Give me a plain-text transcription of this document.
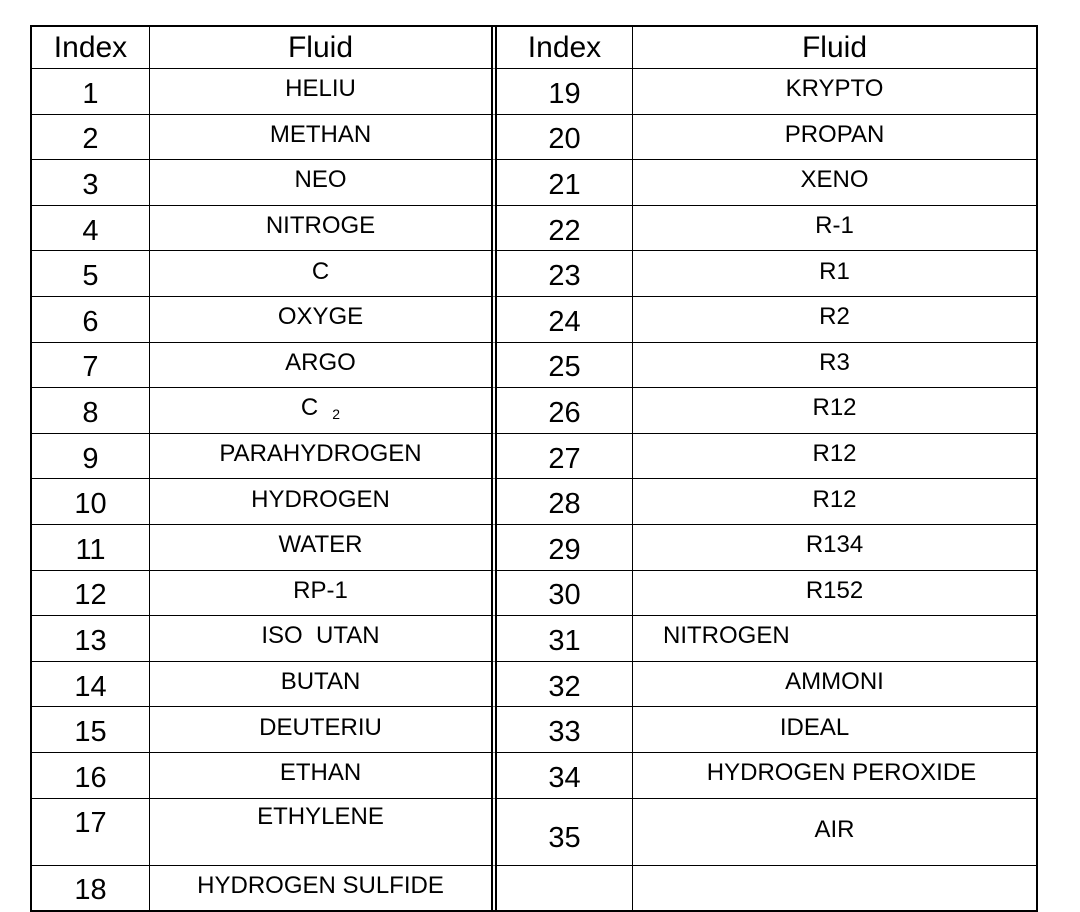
Index	Fluid	Index	Fluid
1	HELIU	19	KRYPTO
2	METHAN	20	PROPAN
3	NEO	21	XENO
4	NITROGE	22	R-1
5	C	23	R1
6	OXYGE	24	R2
7	ARGO	25	R3
8	C $_2$	26	R12
9	PARAHYDROGEN	27	R12
10	HYDROGEN	28	R12
11	WATER	29	R134
12	RP-1	30	R152
13	ISO  UTAN	31	NITROGEN
14	BUTAN	32	AMMONI
15	DEUTERIU	33	IDEAL
16	ETHAN	34	HYDROGEN PEROXIDE
17	ETHYLENE	35	AIR
18	HYDROGEN SULFIDE		
